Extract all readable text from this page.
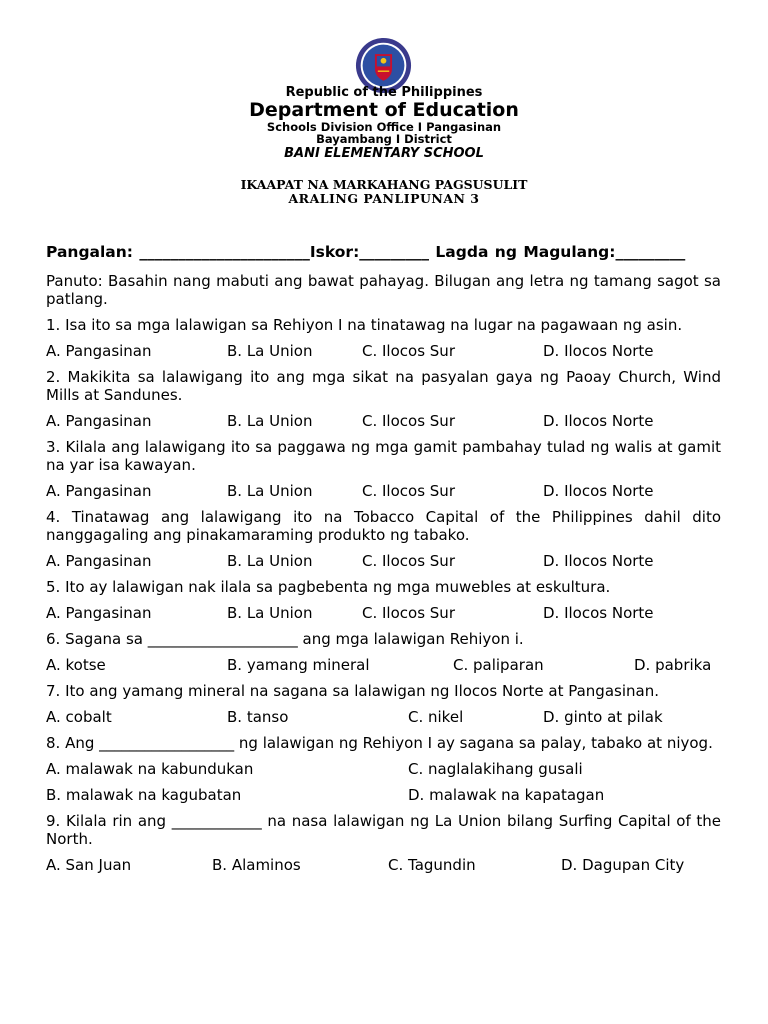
Republic of the Philippines
Department of Education
Schools Division Office I Pangasinan
Bayambang I District
BANI ELEMENTARY SCHOOL
IKAAPAT NA MARKAHANG PAGSUSULIT
ARALING PANLIPUNAN 3
Pangalan: ______________________Iskor:_________ Lagda ng Magulang:_________
Panuto: Basahin nang mabuti ang bawat pahayag. Bilugan ang letra ng tamang sagot sa patlang.
1. Isa ito sa mga lalawigan sa Rehiyon I na tinatawag na lugar na pagawaan ng asin.
A. Pangasinan	B. La Union	C. Ilocos Sur	D. Ilocos Norte
2. Makikita sa lalawigang ito ang mga sikat na pasyalan gaya ng Paoay Church, Wind Mills at Sandunes.
A. Pangasinan	B. La Union	C. Ilocos Sur	D. Ilocos Norte
3. Kilala ang lalawigang ito sa paggawa ng mga gamit pambahay tulad ng walis at gamit na yar isa kawayan.
A. Pangasinan	B. La Union	C. Ilocos Sur	D. Ilocos Norte
4. Tinatawag ang lalawigang ito na Tobacco Capital of the Philippines dahil dito nanggagaling ang pinakamaraming produkto ng tabako.
A. Pangasinan	B. La Union	C. Ilocos Sur	D. Ilocos Norte
5. Ito ay lalawigan nak ilala sa pagbebenta ng mga muwebles at eskultura.
A. Pangasinan	B. La Union	C. Ilocos Sur	D. Ilocos Norte
6. Sagana sa ____________________ ang mga lalawigan Rehiyon i.
A. kotse	B. yamang mineral	C. paliparan	D. pabrika
7. Ito ang yamang mineral na sagana sa lalawigan ng Ilocos Norte at Pangasinan.
A. cobalt	B. tanso	C. nikel	D. ginto at pilak
8. Ang __________________ ng lalawigan ng Rehiyon I ay sagana sa palay, tabako at niyog.
A. malawak na kabundukan	C. naglalakihang gusali
B. malawak na kagubatan	D. malawak na kapatagan
9. Kilala rin ang ____________ na nasa lalawigan ng La Union bilang Surfing Capital of the North.
A. San Juan	B. Alaminos	C. Tagundin	D. Dagupan City
